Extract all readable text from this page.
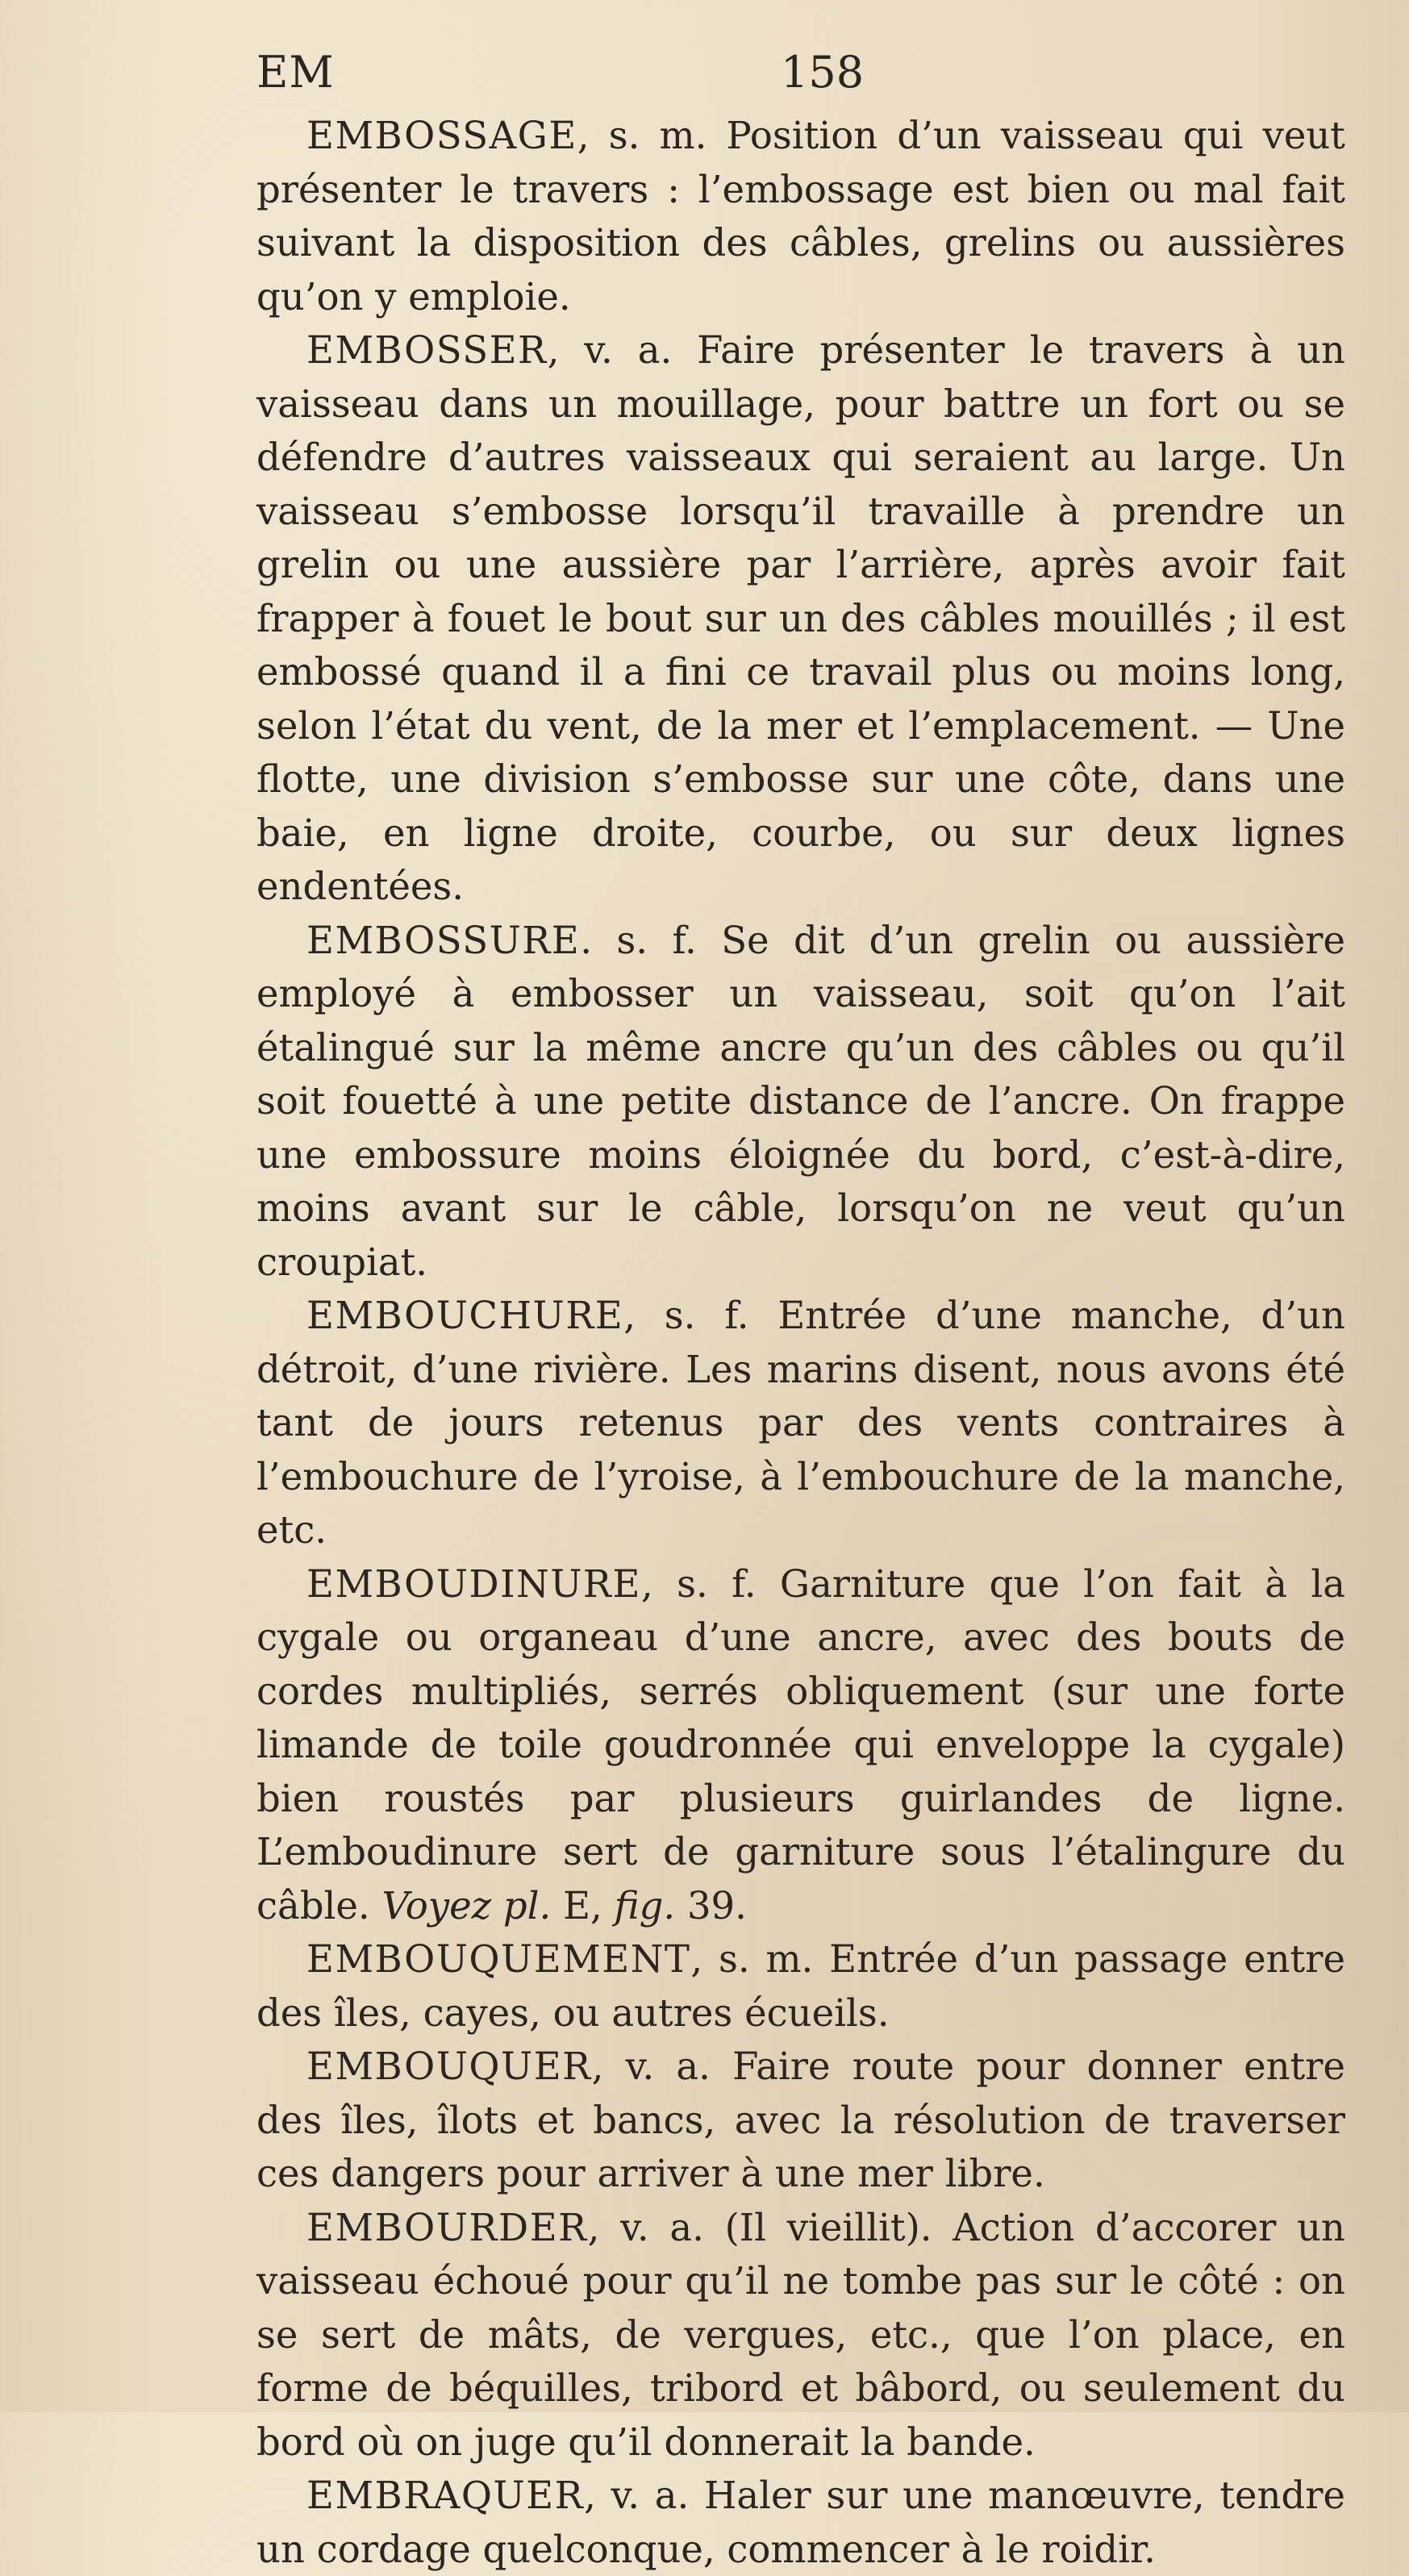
EM	158

EMBOSSAGE, s. m. Position d’un vaisseau qui veut présenter le travers : l’embossage est bien ou mal fait suivant la disposition des câbles, grelins ou aussières qu’on y emploie.

EMBOSSER, v. a. Faire présenter le travers à un vaisseau dans un mouillage, pour battre un fort ou se défendre d’autres vaisseaux qui seraient au large. Un vaisseau s’embosse lorsqu’il travaille à prendre un grelin ou une aussière par l’arrière, après avoir fait frapper à fouet le bout sur un des câbles mouillés ; il est embossé quand il a fini ce travail plus ou moins long, selon l’état du vent, de la mer et l’emplacement. — Une flotte, une division s’embosse sur une côte, dans une baie, en ligne droite, courbe, ou sur deux lignes endentées.

EMBOSSURE. s. f. Se dit d’un grelin ou aussière employé à embosser un vaisseau, soit qu’on l’ait étalingué sur la même ancre qu’un des câbles ou qu’il soit fouetté à une petite distance de l’ancre. On frappe une embossure moins éloignée du bord, c’est-à-dire, moins avant sur le câble, lorsqu’on ne veut qu’un croupiat.

EMBOUCHURE, s. f. Entrée d’une manche, d’un détroit, d’une rivière. Les marins disent, nous avons été tant de jours retenus par des vents contraires à l’embouchure de l’yroise, à l’embouchure de la manche, etc.

EMBOUDINURE, s. f. Garniture que l’on fait à la cygale ou organeau d’une ancre, avec des bouts de cordes multipliés, serrés obliquement (sur une forte limande de toile goudronnée qui enveloppe la cygale) bien roustés par plusieurs guirlandes de ligne. L’emboudinure sert de garniture sous l’étalingure du câble. Voyez pl. E, fig. 39.

EMBOUQUEMENT, s. m. Entrée d’un passage entre des îles, cayes, ou autres écueils.

EMBOUQUER, v. a. Faire route pour donner entre des îles, îlots et bancs, avec la résolution de traverser ces dangers pour arriver à une mer libre.

EMBOURDER, v. a. (Il vieillit). Action d’accorer un vaisseau échoué pour qu’il ne tombe pas sur le côté : on se sert de mâts, de vergues, etc., que l’on place, en forme de béquilles, tribord et bâbord, ou seulement du bord où on juge qu’il donnerait la bande.

EMBRAQUER, v. a. Haler sur une manœuvre, tendre un cordage quelconque, commencer à le roidir.
